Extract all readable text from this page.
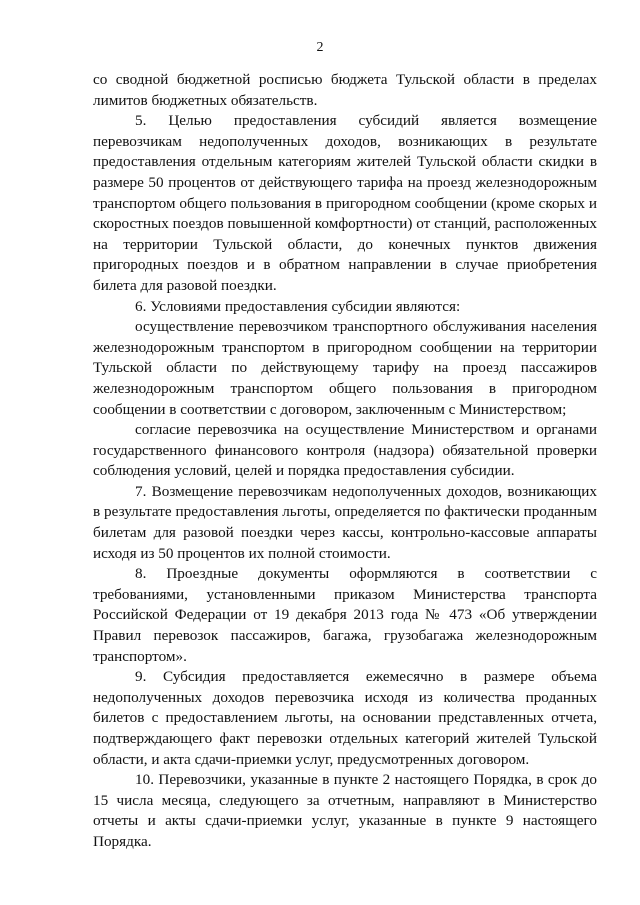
2

со сводной бюджетной росписью бюджета Тульской области в пределах лимитов бюджетных обязательств.

5. Целью предоставления субсидий является возмещение перевозчикам недополученных доходов, возникающих в результате предоставления отдельным категориям жителей Тульской области скидки в размере 50 процентов от действующего тарифа на проезд железнодорожным транспортом общего пользования в пригородном сообщении (кроме скорых и скоростных поездов повышенной комфортности) от станций, расположенных на территории Тульской области, до конечных пунктов движения пригородных поездов и в обратном направлении в случае приобретения билета для разовой поездки.

6. Условиями предоставления субсидии являются:

осуществление перевозчиком транспортного обслуживания населения железнодорожным транспортом в пригородном сообщении на территории Тульской области по действующему тарифу на проезд пассажиров железнодорожным транспортом общего пользования в пригородном сообщении в соответствии с договором, заключенным с Министерством;

согласие перевозчика на осуществление Министерством и органами государственного финансового контроля (надзора) обязательной проверки соблюдения условий, целей и порядка предоставления субсидии.

7. Возмещение перевозчикам недополученных доходов, возникающих в результате предоставления льготы, определяется по фактически проданным билетам для разовой поездки через кассы, контрольно-кассовые аппараты исходя из 50 процентов их полной стоимости.

8. Проездные документы оформляются в соответствии с требованиями, установленными приказом Министерства транспорта Российской Федерации от 19 декабря 2013 года № 473 «Об утверждении Правил перевозок пассажиров, багажа, грузобагажа железнодорожным транспортом».

9. Субсидия предоставляется ежемесячно в размере объема недополученных доходов перевозчика исходя из количества проданных билетов с предоставлением льготы, на основании представленных отчета, подтверждающего факт перевозки отдельных категорий жителей Тульской области, и акта сдачи-приемки услуг, предусмотренных договором.

10. Перевозчики, указанные в пункте 2 настоящего Порядка, в срок до 15 числа месяца, следующего за отчетным, направляют в Министерство отчеты и акты сдачи-приемки услуг, указанные в пункте 9 настоящего Порядка.
